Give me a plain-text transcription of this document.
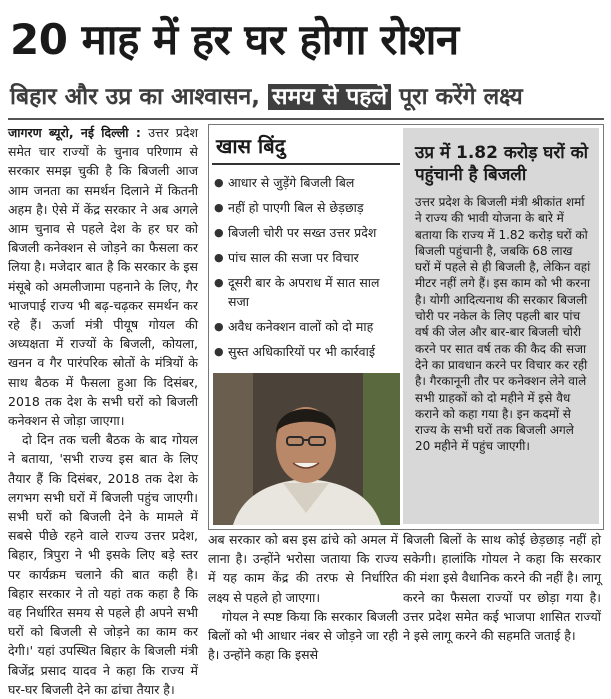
20 माह में हर घर होगा रोशन
बिहार और उप्र का आश्वासन, समय से पहले पूरा करेंगे लक्ष्य

जागरण ब्यूरो, नई दिल्ली : उत्तर प्रदेश समेत चार राज्यों के चुनाव परिणाम से सरकार समझ चुकी है कि बिजली आज आम जनता का समर्थन दिलाने में कितनी अहम है। ऐसे में केंद्र सरकार ने अब अगले आम चुनाव से पहले देश के हर घर को बिजली कनेक्शन से जोड़ने का फैसला कर लिया है। मजेदार बात है कि सरकार के इस मंसूबे को अमलीजामा पहनाने के लिए, गैर भाजपाई राज्य भी बढ़-चढ़कर समर्थन कर रहे हैं। ऊर्जा मंत्री पीयूष गोयल की अध्यक्षता में राज्यों के बिजली, कोयला, खनन व गैर पारंपरिक स्रोतों के मंत्रियों के साथ बैठक में फैसला हुआ कि दिसंबर, 2018 तक देश के सभी घरों को बिजली कनेक्शन से जोड़ा जाएगा।

दो दिन तक चली बैठक के बाद गोयल ने बताया, 'सभी राज्य इस बात के लिए तैयार हैं कि दिसंबर, 2018 तक देश के लगभग सभी घरों में बिजली पहुंच जाएगी। सभी घरों को बिजली देने के मामले में सबसे पीछे रहने वाले राज्य उत्तर प्रदेश, बिहार, त्रिपुरा ने भी इसके लिए बड़े स्तर पर कार्यक्रम चलाने की बात कही है। बिहार सरकार ने तो यहां तक कहा है कि वह निर्धारित समय से पहले ही अपने सभी घरों को बिजली से जोड़ने का काम कर देगी।' यहां उपस्थित बिहार के बिजली मंत्री बिजेंद्र प्रसाद यादव ने कहा कि राज्य में घर-घर बिजली देने का ढांचा तैयार है।

खास बिंदु
● आधार से जुड़ेंगे बिजली बिल
● नहीं हो पाएगी बिल से छेड़छाड़
● बिजली चोरी पर सख्त उत्तर प्रदेश
● पांच साल की सजा पर विचार
● दूसरी बार के अपराध में सात साल सजा
● अवैध कनेक्शन वालों को दो माह
● सुस्त अधिकारियों पर भी कार्रवाई
उप्र में 1.82 करोड़ घरों को पहुंचानी है बिजली
उत्तर प्रदेश के बिजली मंत्री श्रीकांत शर्मा ने राज्य की भावी योजना के बारे में बताया कि राज्य में 1.82 करोड़ घरों को बिजली पहुंचानी है, जबकि 68 लाख घरों में पहले से ही बिजली है, लेकिन वहां मीटर नहीं लगे हैं। इस काम को भी करना है। योगी आदित्यनाथ की सरकार बिजली चोरी पर नकेल के लिए पहली बार पांच वर्ष की जेल और बार-बार बिजली चोरी करने पर सात वर्ष तक की कैद की सजा देने का प्रावधान करने पर विचार कर रही है। गैरकानूनी तौर पर कनेक्शन लेने वाले सभी ग्राहकों को दो महीने में इसे वैध कराने को कहा गया है। इन कदमों से राज्य के सभी घरों तक बिजली अगले 20 महीने में पहुंच जाएगी।

अब सरकार को बस इस ढांचे को अमल में लाना है। उन्होंने भरोसा जताया कि राज्य में यह काम केंद्र की तरफ से निर्धारित लक्ष्य से पहले हो जाएगा।

गोयल ने स्पष्ट किया कि सरकार बिजली बिलों को भी आधार नंबर से जोड़ने जा रही है। उन्होंने कहा कि इससे

बिजली बिलों के साथ कोई छेड़छाड़ नहीं हो सकेगी। हालांकि गोयल ने कहा कि सरकार की मंशा इसे वैधानिक करने की नहीं है। लागू करने का फैसला राज्यों पर छोड़ा गया है। उत्तर प्रदेश समेत कई भाजपा शासित राज्यों ने इसे लागू करने की सहमति जताई है।
